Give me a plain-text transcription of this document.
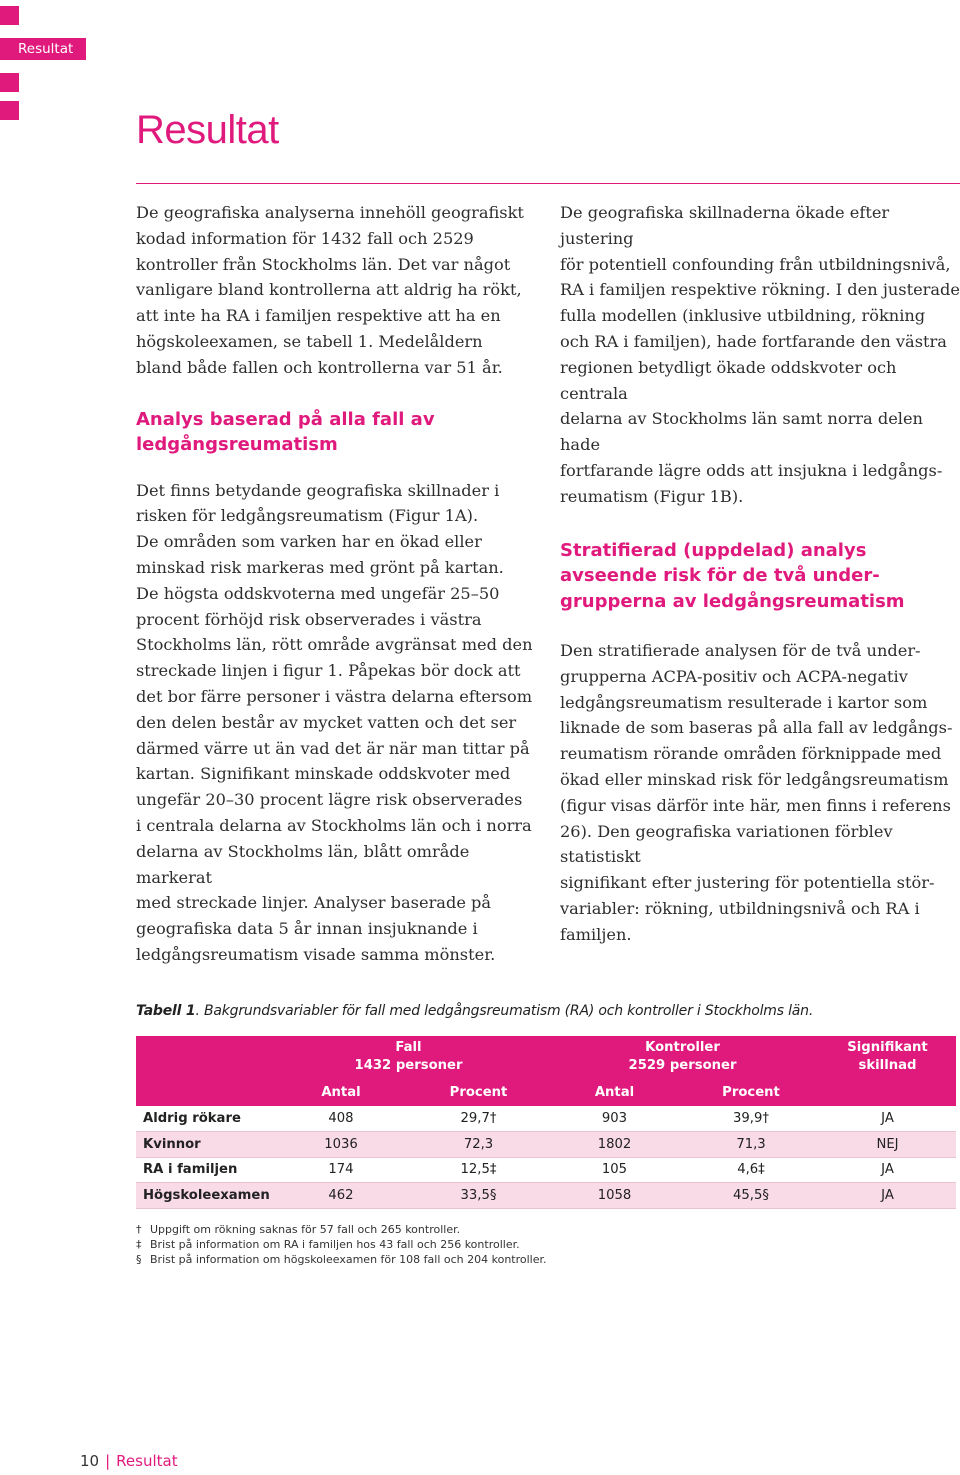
Resultat
Resultat

De geografiska analyserna innehöll geografiskt
kodad information för 1432 fall och 2529
kontroller från Stockholms län. Det var något
vanligare bland kontrollerna att aldrig ha rökt,
att inte ha RA i familjen respektive att ha en
högskoleexamen, se tabell 1. Medelåldern
bland både fallen och kontrollerna var 51 år.

Analys baserad på alla fall av
ledgångsreumatism

Det finns betydande geografiska skillnader i
risken för ledgångsreumatism (Figur 1A).
De områden som varken har en ökad eller
minskad risk markeras med grönt på kartan.
De högsta oddskvoterna med ungefär 25–50
procent förhöjd risk observerades i västra
Stockholms län, rött område avgränsat med den
streckade linjen i figur 1. Påpekas bör dock att
det bor färre personer i västra delarna eftersom
den delen består av mycket vatten och det ser
därmed värre ut än vad det är när man tittar på
kartan. Signifikant minskade oddskvoter med
ungefär 20–30 procent lägre risk observerades
i centrala delarna av Stockholms län och i norra
delarna av Stockholms län, blått område markerat
med streckade linjer. Analyser baserade på
geografiska data 5 år innan insjuknande i
ledgångsreumatism visade samma mönster.

De geografiska skillnaderna ökade efter justering
för potentiell confounding från utbildningsnivå,
RA i familjen respektive rökning. I den justerade
fulla modellen (inklusive utbildning, rökning
och RA i familjen), hade fortfarande den västra
regionen betydligt ökade oddskvoter och centrala
delarna av Stockholms län samt norra delen hade
fortfarande lägre odds att insjukna i ledgångs-
reumatism (Figur 1B).

Stratifierad (uppdelad) analys
avseende risk för de två under-
grupperna av ledgångsreumatism

Den stratifierade analysen för de två under-
grupperna ACPA-positiv och ACPA-negativ
ledgångsreumatism resulterade i kartor som
liknade de som baseras på alla fall av ledgångs-
reumatism rörande områden förknippade med
ökad eller minskad risk för ledgångsreumatism
(figur visas därför inte här, men finns i referens
26). Den geografiska variationen förblev statistiskt
signifikant efter justering för potentiella stör-
variabler: rökning, utbildningsnivå och RA i
familjen.

Tabell 1. Bakgrundsvariabler för fall med ledgångsreumatism (RA) och kontroller i Stockholms län.
	Fall
1432 personer		Kontroller
2529 personer		Signifikant
skillnad
	Antal	Procent	Antal	Procent	
Aldrig rökare	408	29,7†	903	39,9†	JA
Kvinnor	1036	72,3	1802	71,3	NEJ
RA i familjen	174	12,5‡	105	4,6‡	JA
Högskoleexamen	462	33,5§	1058	45,5§	JA
† Uppgift om rökning saknas för 57 fall och 265 kontroller.
‡ Brist på information om RA i familjen hos 43 fall och 256 kontroller.
§ Brist på information om högskoleexamen för 108 fall och 204 kontroller.
10 | Resultat
